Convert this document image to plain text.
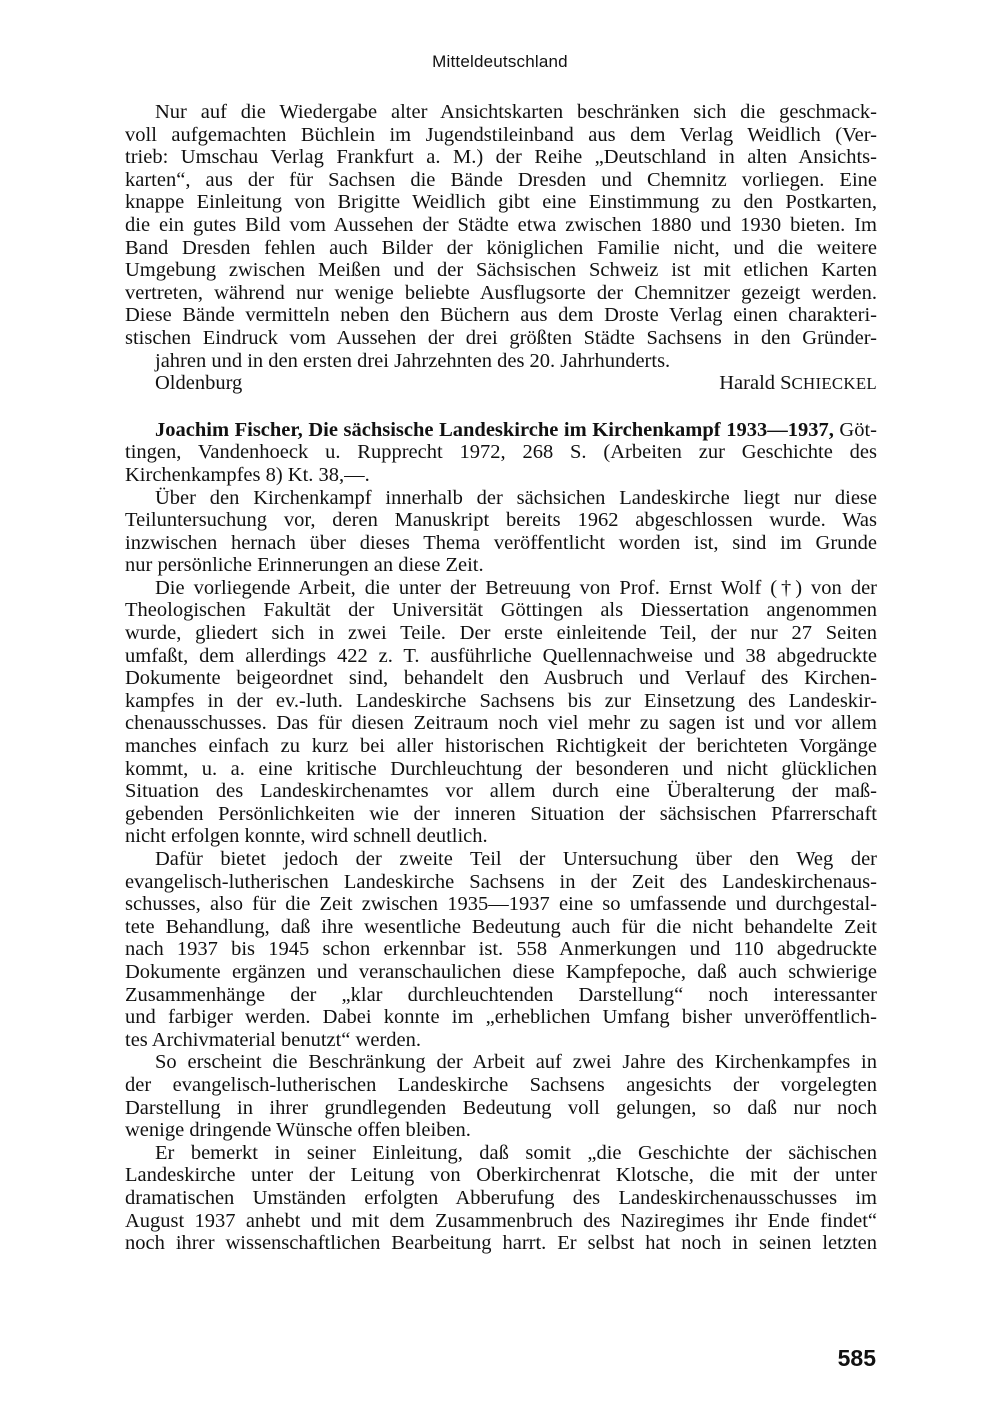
Mitteldeutschland
Nur auf die Wiedergabe alter Ansichtskarten beschränken sich die geschmack-
voll aufgemachten Büchlein im Jugendstileinband aus dem Verlag Weidlich (Ver-
trieb: Umschau Verlag Frankfurt a. M.) der Reihe „Deutschland in alten Ansichts-
karten“, aus der für Sachsen die Bände Dresden und Chemnitz vorliegen. Eine
knappe Einleitung von Brigitte Weidlich gibt eine Einstimmung zu den Postkarten,
die ein gutes Bild vom Aussehen der Städte etwa zwischen 1880 und 1930 bieten. Im
Band Dresden fehlen auch Bilder der königlichen Familie nicht, und die weitere
Umgebung zwischen Meißen und der Sächsischen Schweiz ist mit etlichen Karten
vertreten, während nur wenige beliebte Ausflugsorte der Chemnitzer gezeigt werden.
Diese Bände vermitteln neben den Büchern aus dem Droste Verlag einen charakteri-
stischen Eindruck vom Aussehen der drei größten Städte Sachsens in den Gründer-
jahren und in den ersten drei Jahrzehnten des 20. Jahrhunderts.
Oldenburg	Harald SCHIECKEL
Joachim Fischer, Die sächsische Landeskirche im Kirchenkampf 1933—1937, Göt-
tingen, Vandenhoeck u. Rupprecht 1972, 268 S. (Arbeiten zur Geschichte des
Kirchenkampfes 8) Kt. 38,—.
Über den Kirchenkampf innerhalb der sächsichen Landeskirche liegt nur diese
Teiluntersuchung vor, deren Manuskript bereits 1962 abgeschlossen wurde. Was
inzwischen hernach über dieses Thema veröffentlicht worden ist, sind im Grunde
nur persönliche Erinnerungen an diese Zeit.
Die vorliegende Arbeit, die unter der Betreuung von Prof. Ernst Wolf (†) von der
Theologischen Fakultät der Universität Göttingen als Diessertation angenommen
wurde, gliedert sich in zwei Teile. Der erste einleitende Teil, der nur 27 Seiten
umfaßt, dem allerdings 422 z. T. ausführliche Quellennachweise und 38 abgedruckte
Dokumente beigeordnet sind, behandelt den Ausbruch und Verlauf des Kirchen-
kampfes in der ev.-luth. Landeskirche Sachsens bis zur Einsetzung des Landeskir-
chenausschusses. Das für diesen Zeitraum noch viel mehr zu sagen ist und vor allem
manches einfach zu kurz bei aller historischen Richtigkeit der berichteten Vorgänge
kommt, u. a. eine kritische Durchleuchtung der besonderen und nicht glücklichen
Situation des Landeskirchenamtes vor allem durch eine Überalterung der maß-
gebenden Persönlichkeiten wie der inneren Situation der sächsischen Pfarrerschaft
nicht erfolgen konnte, wird schnell deutlich.
Dafür bietet jedoch der zweite Teil der Untersuchung über den Weg der
evangelisch-lutherischen Landeskirche Sachsens in der Zeit des Landeskirchenaus-
schusses, also für die Zeit zwischen 1935—1937 eine so umfassende und durchgestal-
tete Behandlung, daß ihre wesentliche Bedeutung auch für die nicht behandelte Zeit
nach 1937 bis 1945 schon erkennbar ist. 558 Anmerkungen und 110 abgedruckte
Dokumente ergänzen und veranschaulichen diese Kampfepoche, daß auch schwierige
Zusammenhänge der „klar durchleuchtenden Darstellung“ noch interessanter
und farbiger werden. Dabei konnte im „erheblichen Umfang bisher unveröffentlich-
tes Archivmaterial benutzt“ werden.
So erscheint die Beschränkung der Arbeit auf zwei Jahre des Kirchenkampfes in
der evangelisch-lutherischen Landeskirche Sachsens angesichts der vorgelegten
Darstellung in ihrer grundlegenden Bedeutung voll gelungen, so daß nur noch
wenige dringende Wünsche offen bleiben.
Er bemerkt in seiner Einleitung, daß somit „die Geschichte der sächischen
Landeskirche unter der Leitung von Oberkirchenrat Klotsche, die mit der unter
dramatischen Umständen erfolgten Abberufung des Landeskirchenausschusses im
August 1937 anhebt und mit dem Zusammenbruch des Naziregimes ihr Ende findet“
noch ihrer wissenschaftlichen Bearbeitung harrt. Er selbst hat noch in seinen letzten
585
